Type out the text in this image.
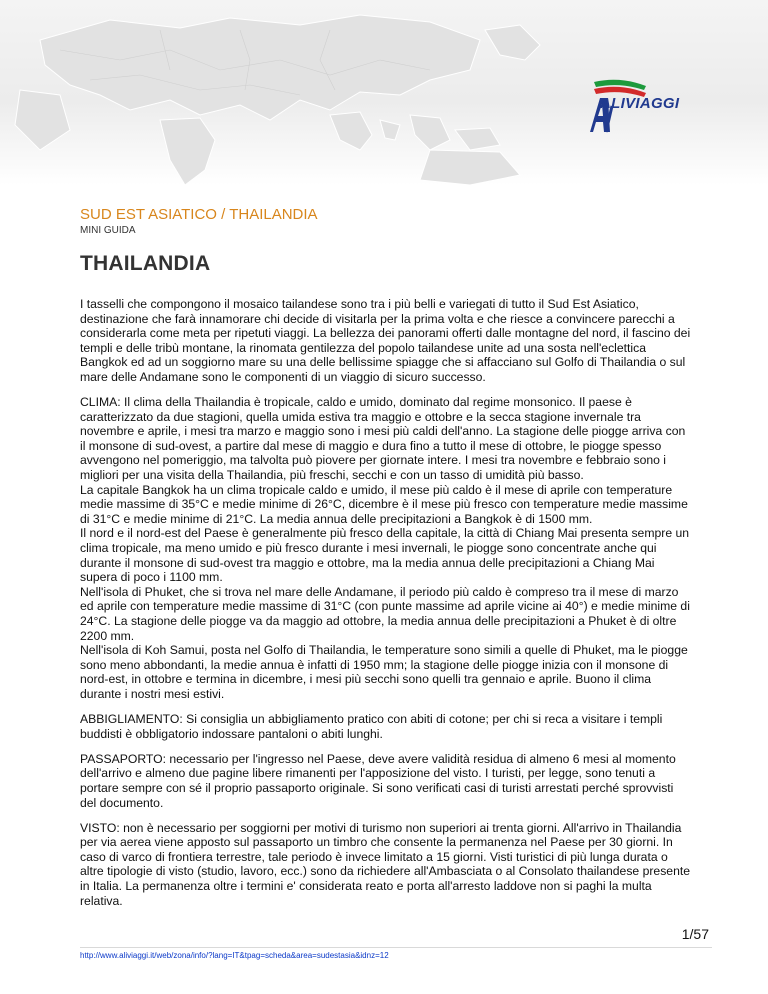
ALIVIAGGI
SUD EST ASIATICO / THAILANDIA
MINI GUIDA
THAILANDIA

I tasselli che compongono il mosaico tailandese sono tra i più belli e variegati di tutto il Sud Est Asiatico, destinazione che farà innamorare chi decide di visitarla per la prima volta e che riesce a convincere parecchi a considerarla come meta per ripetuti viaggi. La bellezza dei panorami offerti dalle montagne del nord, il fascino dei templi e delle tribù montane, la rinomata gentilezza del popolo tailandese unite ad una sosta nell'eclettica Bangkok ed ad un soggiorno mare su una delle bellissime spiagge che si affacciano sul Golfo di Thailandia o sul mare delle Andamane sono le componenti di un viaggio di sicuro successo.

CLIMA: Il clima della Thailandia è tropicale, caldo e umido, dominato dal regime monsonico. Il paese è caratterizzato da due stagioni, quella umida estiva tra maggio e ottobre e la secca stagione invernale tra novembre e aprile, i mesi tra marzo e maggio sono i mesi più caldi dell'anno. La stagione delle piogge arriva con il monsone di sud-ovest, a partire dal mese di maggio e dura fino a tutto il mese di ottobre, le piogge spesso avvengono nel pomeriggio, ma talvolta può piovere per giornate intere. I mesi tra novembre e febbraio sono i migliori per una visita della Thailandia, più freschi, secchi e con un tasso di umidità più basso.
La capitale Bangkok ha un clima tropicale caldo e umido, il mese più caldo è il mese di aprile con temperature medie massime di 35°C e medie minime di 26°C, dicembre è il mese più fresco con temperature medie massime di 31°C e medie minime di 21°C. La media annua delle precipitazioni a Bangkok è di 1500 mm.
Il nord e il nord-est del Paese è generalmente più fresco della capitale, la città di Chiang Mai presenta sempre un clima tropicale, ma meno umido e più fresco durante i mesi invernali, le piogge sono concentrate anche qui durante il monsone di sud-ovest tra maggio e ottobre, ma la media annua delle precipitazioni a Chiang Mai supera di poco i 1100 mm.
Nell'isola di Phuket, che si trova nel mare delle Andamane, il periodo più caldo è compreso tra il mese di marzo ed aprile con temperature medie massime di 31°C (con punte massime ad aprile vicine ai 40°) e medie minime di 24°C. La stagione delle piogge va da maggio ad ottobre, la media annua delle precipitazioni a Phuket è di oltre 2200 mm.
Nell'isola di Koh Samui, posta nel Golfo di Thailandia, le temperature sono simili a quelle di Phuket, ma le piogge sono meno abbondanti, la medie annua è infatti di 1950 mm; la stagione delle piogge inizia con il monsone di nord-est, in ottobre e termina in dicembre, i mesi più secchi sono quelli tra gennaio e aprile. Buono il clima durante i nostri mesi estivi.

ABBIGLIAMENTO: Si consiglia un abbigliamento pratico con abiti di cotone; per chi si reca a visitare i templi buddisti è obbligatorio indossare pantaloni o abiti lunghi.

PASSAPORTO: necessario per l'ingresso nel Paese, deve avere validità residua di almeno 6 mesi al momento dell'arrivo e almeno due pagine libere rimanenti per l'apposizione del visto. I turisti, per legge, sono tenuti a portare sempre con sé il proprio passaporto originale. Si sono verificati casi di turisti arrestati perché sprovvisti del documento.

VISTO: non è necessario per soggiorni per motivi di turismo non superiori ai trenta giorni. All'arrivo in Thailandia per via aerea viene apposto sul passaporto un timbro che consente la permanenza nel Paese per 30 giorni. In caso di varco di frontiera terrestre, tale periodo è invece limitato a 15 giorni. Visti turistici di più lunga durata o altre tipologie di visto (studio, lavoro, ecc.) sono da richiedere all'Ambasciata o al Consolato thailandese presente in Italia. La permanenza oltre i termini e' considerata reato e porta all'arresto laddove non si paghi la multa relativa.

1/57
http://www.aliviaggi.it/web/zona/info/?lang=IT&tpag=scheda&area=sudestasia&idnz=12
